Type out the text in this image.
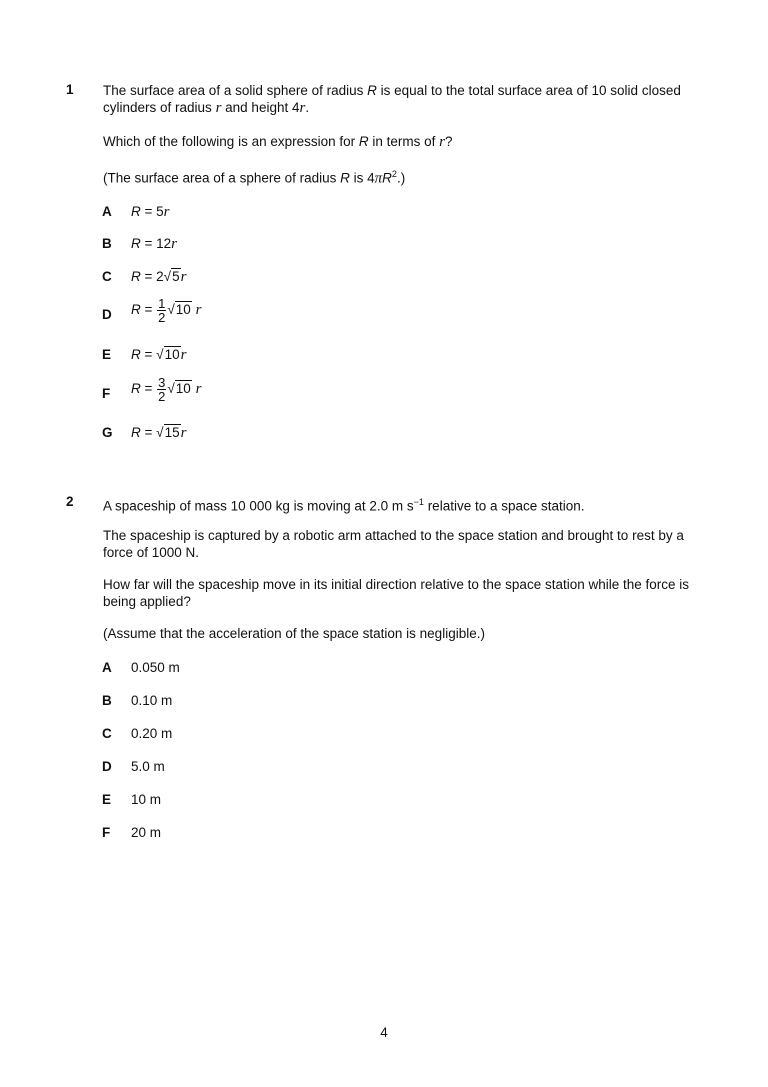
1 The surface area of a solid sphere of radius R is equal to the total surface area of 10 solid closed cylinders of radius r and height 4r.

Which of the following is an expression for R in terms of r?

(The surface area of a sphere of radius R is $4\pi R^2$.)

A R = 5r
B R = 12r
C R = 2√5r
D $R = \frac{1}{2} √10$ r
E R = √10r
F $R = \frac{3}{2} √10$ r
G R = √15r
2 A spaceship of mass 10 000 kg is moving at 2.0 m $s^{-1}$ relative to a space station.

The spaceship is captured by a robotic arm attached to the space station and brought to rest by a force of 1000 N.

How far will the spaceship move in its initial direction relative to the space station while the force is being applied?

(Assume that the acceleration of the space station is negligible.)

A 0.050 m
B 0.10 m
C 0.20 m
D 5.0 m
E 10 m
F 20 m
4
